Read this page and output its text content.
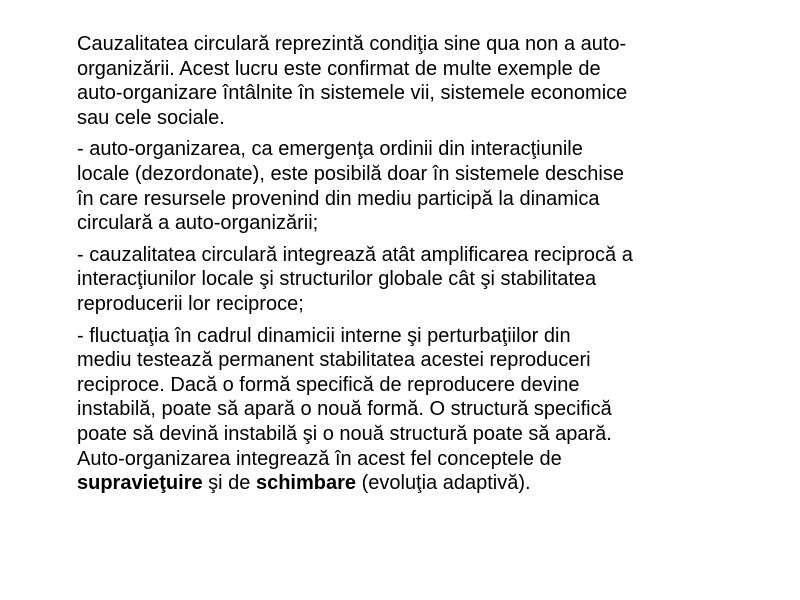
Cauzalitatea circulară reprezintă condiţia sine qua non a auto-
organizării. Acest lucru este confirmat de multe exemple de
auto-organizare întâlnite în sistemele vii, sistemele economice
sau cele sociale.

- auto-organizarea, ca emergenţa ordinii din interacţiunile
locale (dezordonate), este posibilă doar în sistemele deschise
în care resursele provenind din mediu participă la dinamica
circulară a auto-organizării;

- cauzalitatea circulară integrează atât amplificarea reciprocă a
interacţiunilor locale şi structurilor globale cât şi stabilitatea
reproducerii lor reciproce;

- fluctuaţia în cadrul dinamicii interne şi perturbaţiilor din
mediu testează permanent stabilitatea acestei reproduceri
reciproce. Dacă o formă specifică de reproducere devine
instabilă, poate să apară o nouă formă. O structură specifică
poate să devină instabilă şi o nouă structură poate să apară.
Auto-organizarea integrează în acest fel conceptele de
supravieţuire şi de schimbare (evoluţia adaptivă).
